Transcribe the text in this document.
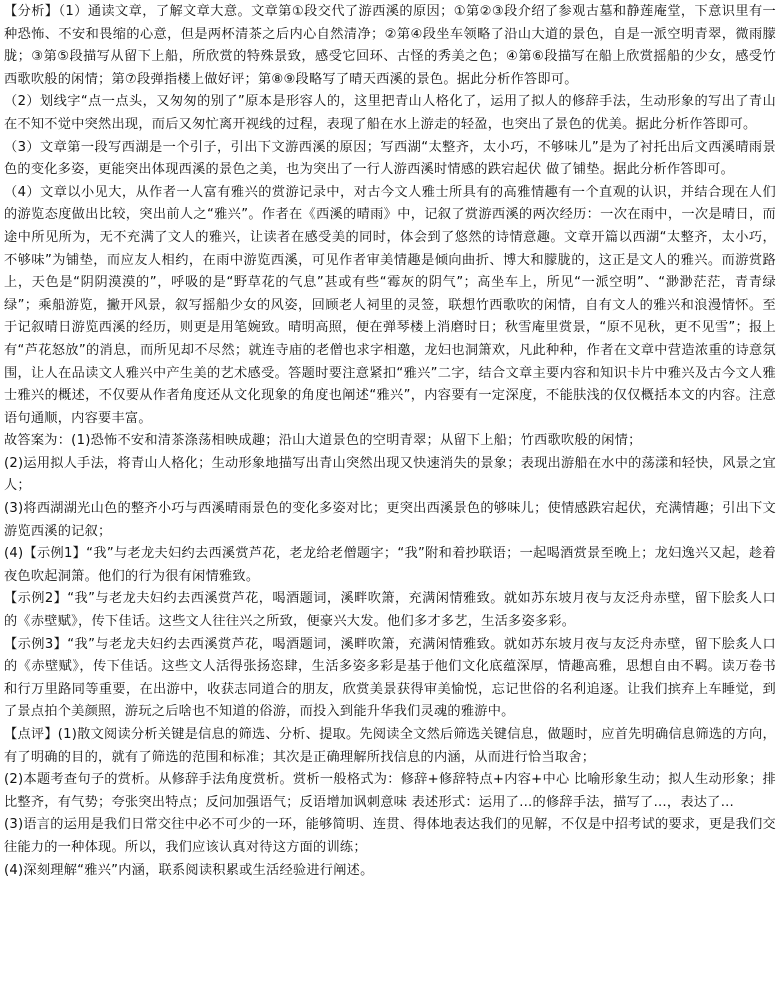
【分析】（1）通读文章，了解文章大意。文章第①段交代了游西溪的原因；①第②③段介绍了参观古墓和静莲庵堂，下意识里有一种恐怖、不安和畏缩的心意，但是两杯清茶之后内心自然清净；②第④段坐车领略了沿山大道的景色，自是一派空明青翠，微雨朦胧；③第⑤段描写从留下上船，所欣赏的特殊景致，感受它回环、古怪的秀美之色；④第⑥段描写在船上欣赏摇船的少女，感受竹西歌吹般的闲情；第⑦段弹指楼上做好评；第⑧⑨段略写了晴天西溪的景色。据此分析作答即可。

（2）划线字“点一点头，又匆匆的别了”原本是形容人的，这里把青山人格化了，运用了拟人的修辞手法，生动形象的写出了青山在不知不觉中突然出现，而后又匆忙离开视线的过程，表现了船在水上游走的轻盈，也突出了景色的优美。据此分析作答即可。

（3）文章第一段写西湖是一个引子，引出下文游西溪的原因；写西湖“太整齐，太小巧，不够味儿”是为了衬托出后文西溪晴雨景色的变化多姿，更能突出体现西溪的景色之美，也为突出了一行人游西溪时情感的跌宕起伏 做了铺垫。据此分析作答即可。

（4）文章以小见大，从作者一人富有雅兴的赏游记录中，对古今文人雅士所具有的高雅情趣有一个直观的认识，并结合现在人们的游览态度做出比较，突出前人之“雅兴”。作者在《西溪的晴雨》中，记叙了赏游西溪的两次经历：一次在雨中，一次是晴日，而途中所见所为，无不充满了文人的雅兴，让读者在感受美的同时，体会到了悠然的诗情意趣。文章开篇以西湖“太整齐，太小巧，不够味”为铺垫，而应友人相约，在雨中游览西溪，可见作者审美情趣是倾向曲折、博大和朦胧的，这正是文人的雅兴。而游赏路上，天色是“阴阴漠漠的”，呼吸的是“野草花的气息”甚或有些“霉灰的阴气”；高坐车上，所见“一派空明”、“渺渺茫茫，青青绿绿”；乘船游览，撇开风景，叙写摇船少女的风姿，回顾老人祠里的灵签，联想竹西歌吹的闲情，自有文人的雅兴和浪漫情怀。至于记叙晴日游览西溪的经历，则更是用笔婉致。晴明高照，便在弹琴楼上消磨时日；秋雪庵里赏景，“原不见秋，更不见雪”；报上有“芦花怒放”的消息，而所见却不尽然；就连寺庙的老僧也求字相邀，龙妇也洞箫欢，凡此种种，作者在文章中营造浓重的诗意氛围，让人在品读文人雅兴中产生美的艺术感受。答题时要注意紧扣“雅兴”二字，结合文章主要内容和知识卡片中雅兴及古今文人雅士雅兴的概述，不仅要从作者角度还从文化现象的角度也阐述“雅兴”，内容要有一定深度，不能肤浅的仅仅概括本文的内容。注意语句通顺，内容要丰富。

故答案为：(1)恐怖不安和清茶涤荡相映成趣；沿山大道景色的空明青翠；从留下上船；竹西歌吹般的闲情；

(2)运用拟人手法，将青山人格化；生动形象地描写出青山突然出现又快速消失的景象；表现出游船在水中的荡漾和轻快，风景之宜人；

(3)将西湖湖光山色的整齐小巧与西溪晴雨景色的变化多姿对比；更突出西溪景色的够味儿；使情感跌宕起伏，充满情趣；引出下文游览西溪的记叙；

(4)【示例1】“我”与老龙夫妇约去西溪赏芦花，老龙给老僧题字；“我”附和着抄联语；一起喝酒赏景至晚上；龙妇逸兴又起，趁着夜色吹起洞箫。他们的行为很有闲情雅致。

【示例2】“我”与老龙夫妇约去西溪赏芦花，喝酒题词，溪畔吹箫，充满闲情雅致。就如苏东坡月夜与友泛舟赤壁，留下脍炙人口的《赤壁赋》，传下佳话。这些文人往往兴之所致，便豪兴大发。他们多才多艺，生活多姿多彩。

【示例3】“我”与老龙夫妇约去西溪赏芦花，喝酒题词，溪畔吹箫，充满闲情雅致。就如苏东坡月夜与友泛舟赤壁，留下脍炙人口的《赤壁赋》，传下佳话。这些文人活得张扬恣肆，生活多姿多彩是基于他们文化底蕴深厚，情趣高雅，思想自由不羁。读万卷书和行万里路同等重要，在出游中，收获志同道合的朋友，欣赏美景获得审美愉悦，忘记世俗的名利追逐。让我们摈弃上车睡觉，到了景点拍个美颜照，游玩之后啥也不知道的俗游，而投入到能升华我们灵魂的雅游中。

【点评】(1)散文阅读分析关键是信息的筛选、分析、提取。先阅读全文然后筛选关键信息，做题时，应首先明确信息筛选的方向，有了明确的目的，就有了筛选的范围和标准；其次是正确理解所找信息的内涵，从而进行恰当取舍；

(2)本题考查句子的赏析。从修辞手法角度赏析。赏析一般格式为：修辞+修辞特点+内容+中心 比喻形象生动；拟人生动形象；排比整齐，有气势；夸张突出特点；反问加强语气；反语增加讽刺意味 表述形式：运用了…的修辞手法，描写了…，表达了…

(3)语言的运用是我们日常交往中必不可少的一环，能够简明、连贯、得体地表达我们的见解，不仅是中招考试的要求，更是我们交往能力的一种体现。所以，我们应该认真对待这方面的训练；

(4)深刻理解“雅兴”内涵，联系阅读积累或生活经验进行阐述。
